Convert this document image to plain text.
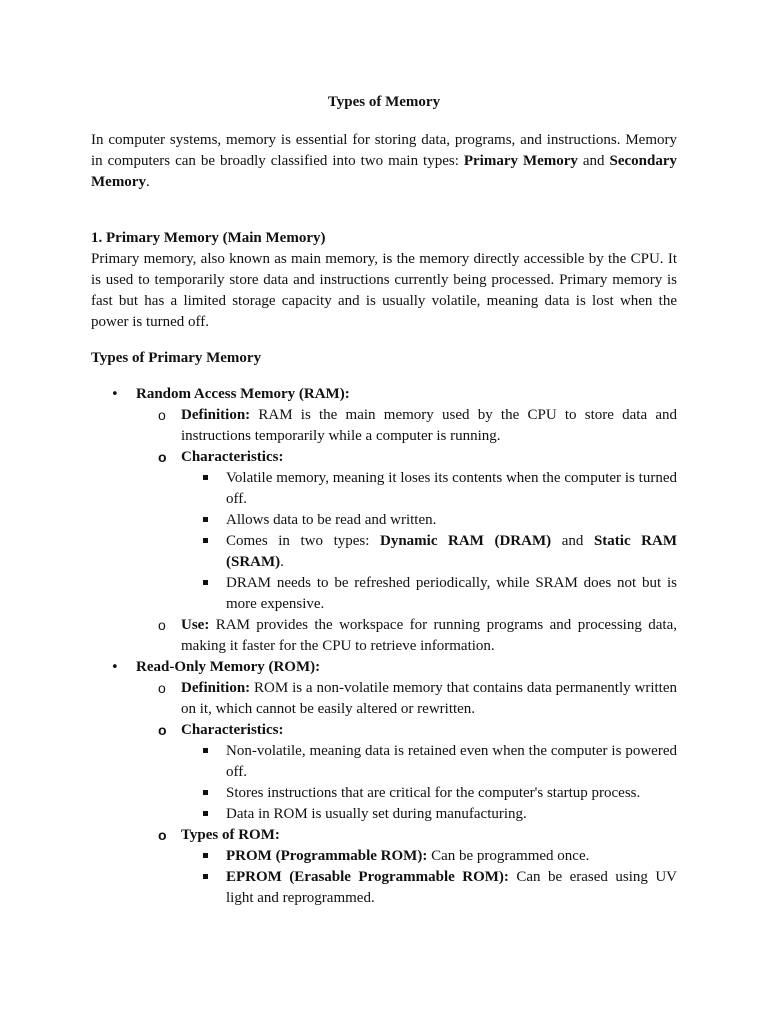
Types of Memory

In computer systems, memory is essential for storing data, programs, and instructions. Memory in computers can be broadly classified into two main types: Primary Memory and Secondary Memory.

1. Primary Memory (Main Memory)

Primary memory, also known as main memory, is the memory directly accessible by the CPU. It is used to temporarily store data and instructions currently being processed. Primary memory is fast but has a limited storage capacity and is usually volatile, meaning data is lost when the power is turned off.

Types of Primary Memory
• Random Access Memory (RAM):
o Definition: RAM is the main memory used by the CPU to store data and instructions temporarily while a computer is running.
o Characteristics:
Volatile memory, meaning it loses its contents when the computer is turned off.
Allows data to be read and written.
Comes in two types: Dynamic RAM (DRAM) and Static RAM (SRAM).
DRAM needs to be refreshed periodically, while SRAM does not but is more expensive.
o Use: RAM provides the workspace for running programs and processing data, making it faster for the CPU to retrieve information.
• Read-Only Memory (ROM):
o Definition: ROM is a non-volatile memory that contains data permanently written on it, which cannot be easily altered or rewritten.
o Characteristics:
Non-volatile, meaning data is retained even when the computer is powered off.
Stores instructions that are critical for the computer's startup process.
Data in ROM is usually set during manufacturing.
o Types of ROM:
PROM (Programmable ROM): Can be programmed once.
EPROM (Erasable Programmable ROM): Can be erased using UV light and reprogrammed.
